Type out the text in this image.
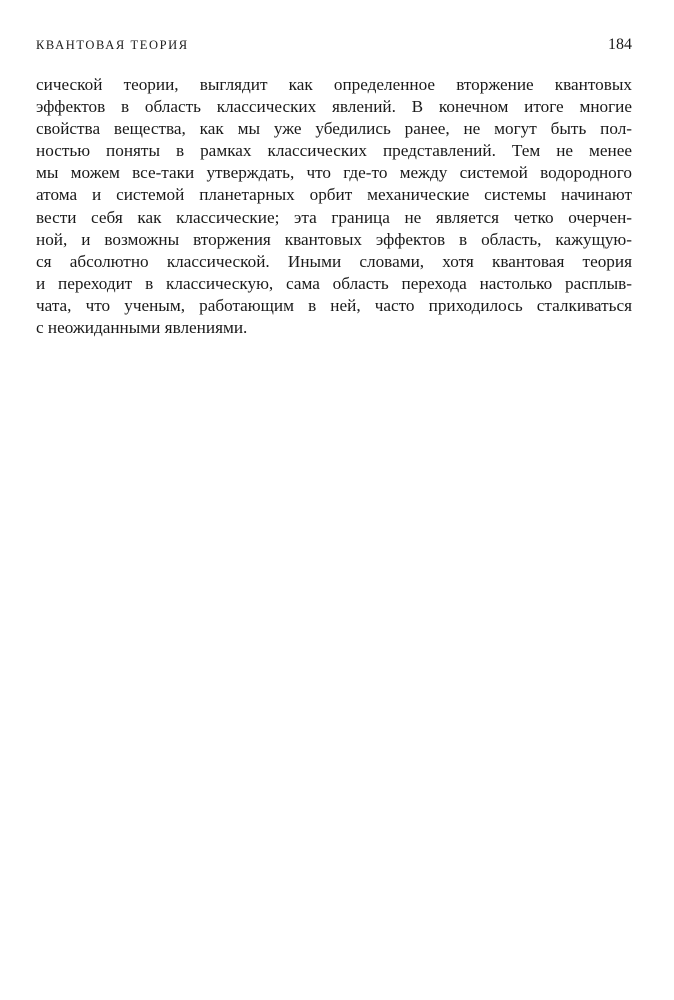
КВАНТОВАЯ ТЕОРИЯ	184
сической теории, выглядит как определенное вторжение квантовых
эффектов в область классических явлений. В конечном итоге многие
свойства вещества, как мы уже убедились ранее, не могут быть пол-
ностью поняты в рамках классических представлений. Тем не менее
мы можем все-таки утверждать, что где-то между системой водородного
атома и системой планетарных орбит механические системы начинают
вести себя как классические; эта граница не является четко очерчен-
ной, и возможны вторжения квантовых эффектов в область, кажущую-
ся абсолютно классической. Иными словами, хотя квантовая теория
и переходит в классическую, сама область перехода настолько расплыв-
чата, что ученым, работающим в ней, часто приходилось сталкиваться
с неожиданными явлениями.
